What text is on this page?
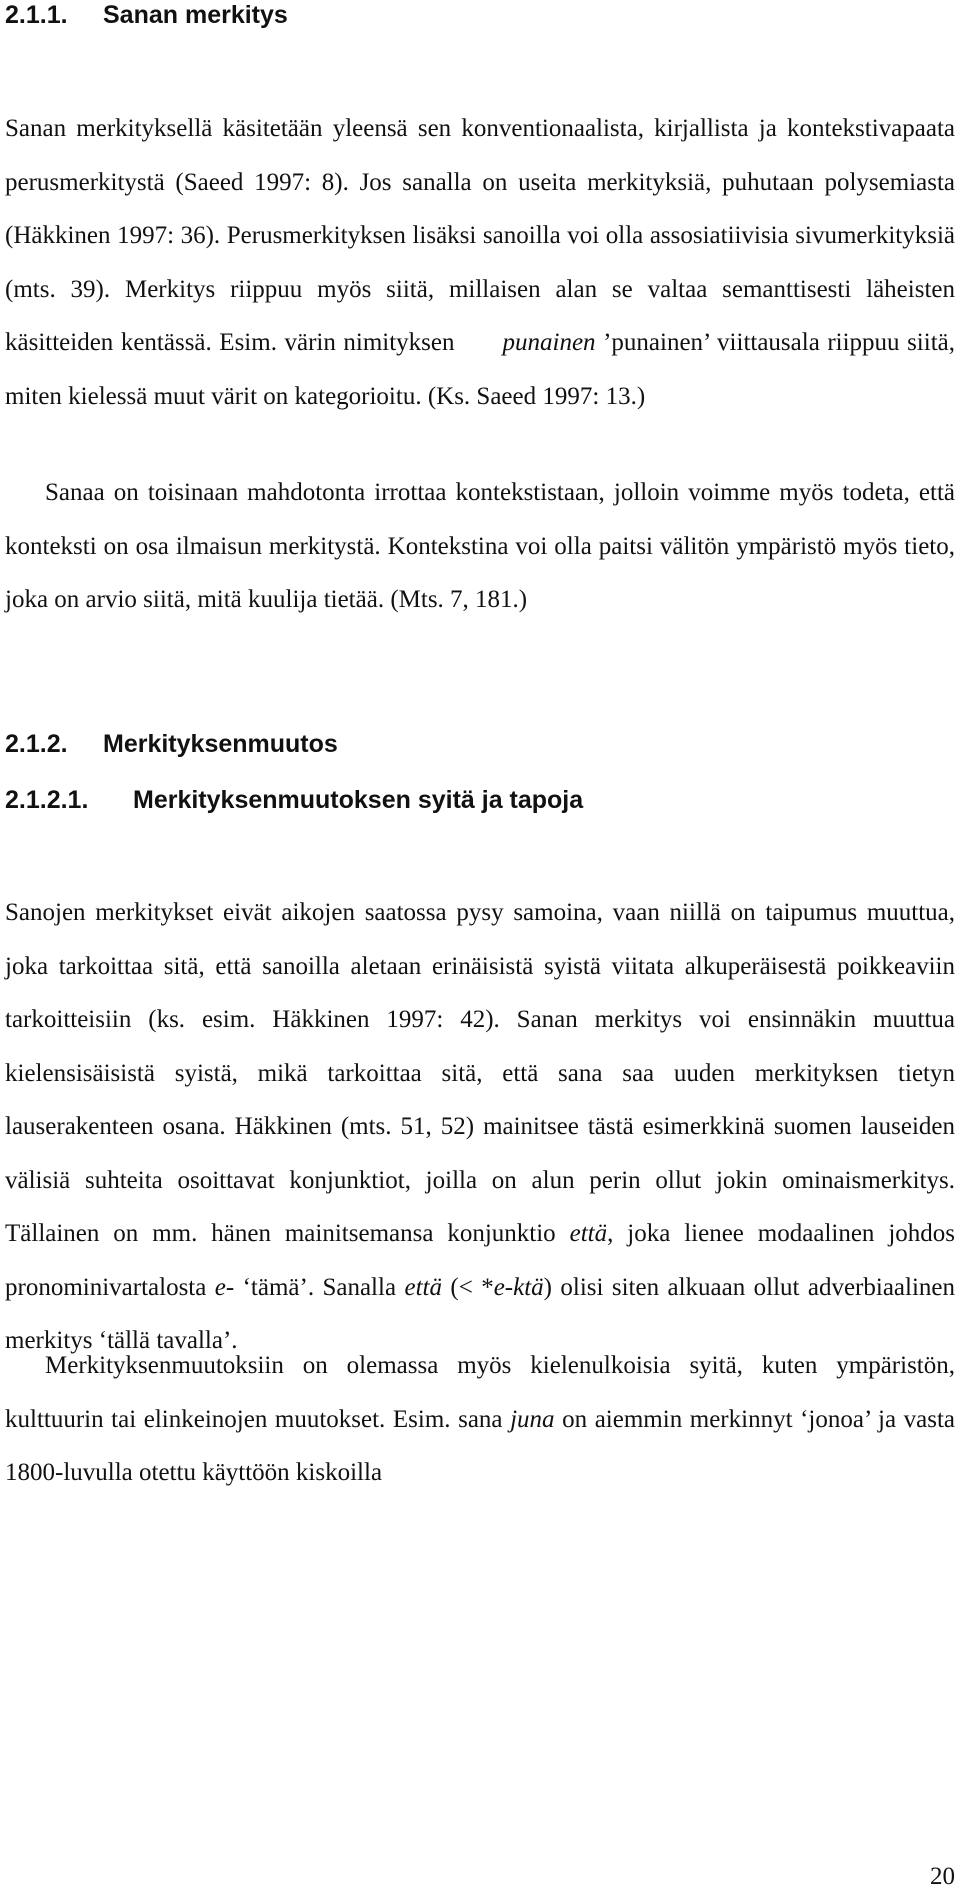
2.1.1. Sanan merkitys

Sanan merkityksellä käsitetään yleensä sen konventionaalista, kirjallista ja kontekstivapaata perusmerkitystä (Saeed 1997: 8). Jos sanalla on useita merkityksiä, puhutaan polysemiasta (Häkkinen 1997: 36). Perusmerkityksen lisäksi sanoilla voi olla assosiatiivisia sivumerkityksiä (mts. 39). Merkitys riippuu myös siitä, millaisen alan se valtaa semanttisesti läheisten käsitteiden kentässä. Esim. värin nimityksen punainen ’punainen’ viittausala riippuu siitä, miten kielessä muut värit on kategorioitu. (Ks. Saeed 1997: 13.)

Sanaa on toisinaan mahdotonta irrottaa kontekstistaan, jolloin voimme myös todeta, että konteksti on osa ilmaisun merkitystä. Kontekstina voi olla paitsi välitön ympäristö myös tieto, joka on arvio siitä, mitä kuulija tietää. (Mts. 7, 181.)

2.1.2. Merkityksenmuutos
2.1.2.1. Merkityksenmuutoksen syitä ja tapoja

Sanojen merkitykset eivät aikojen saatossa pysy samoina, vaan niillä on taipumus muuttua, joka tarkoittaa sitä, että sanoilla aletaan erinäisistä syistä viitata alkuperäisestä poikkeaviin tarkoitteisiin (ks. esim. Häkkinen 1997: 42). Sanan merkitys voi ensinnäkin muuttua kielensisäisistä syistä, mikä tarkoittaa sitä, että sana saa uuden merkityksen tietyn lauserakenteen osana. Häkkinen (mts. 51, 52) mainitsee tästä esimerkkinä suomen lauseiden välisiä suhteita osoittavat konjunktiot, joilla on alun perin ollut jokin ominaismerkitys. Tällainen on mm. hänen mainitsemansa konjunktio että, joka lienee modaalinen johdos pronominivartalosta e- ‘tämä’. Sanalla että (< *e-ktä) olisi siten alkuaan ollut adverbiaalinen merkitys ‘tällä tavalla’.

Merkityksenmuutoksiin on olemassa myös kielenulkoisia syitä, kuten ympäristön, kulttuurin tai elinkeinojen muutokset. Esim. sana juna on aiemmin merkinnyt ‘jonoa’ ja vasta 1800-luvulla otettu käyttöön kiskoilla

20
